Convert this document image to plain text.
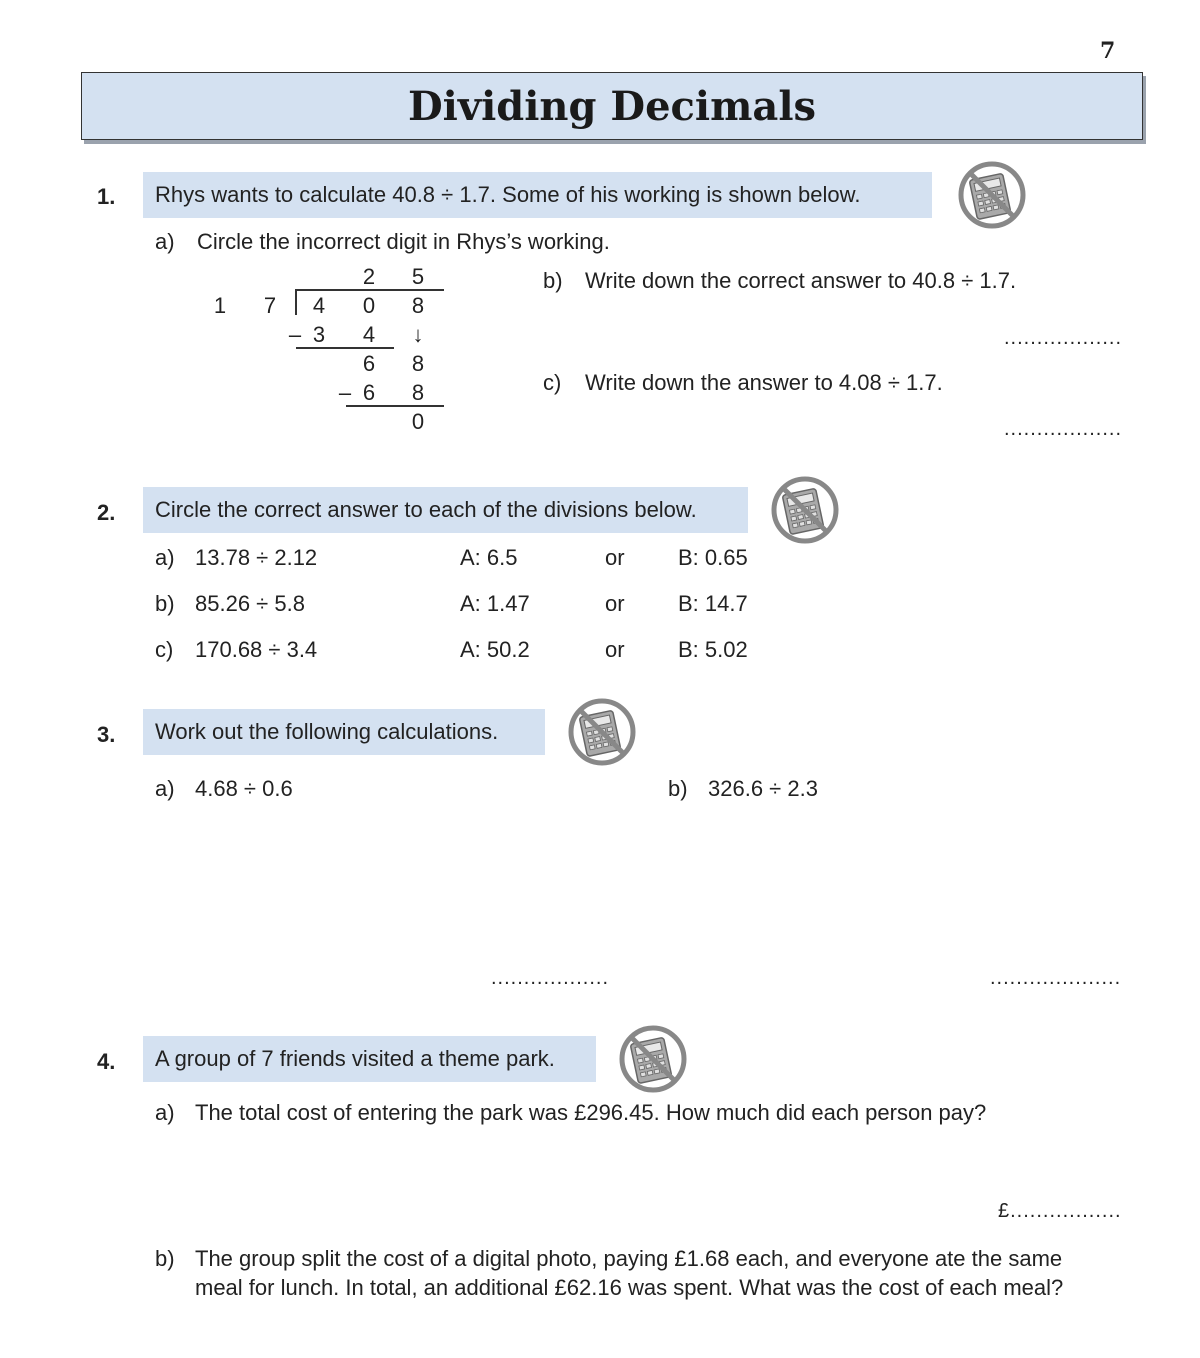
7
Dividing Decimals
1. Rhys wants to calculate 40.8 ÷ 1.7. Some of his working is shown below.
a) Circle the incorrect digit in Rhys’s working.
2 5
1 7 4 0 8
– 3 4 ↓
6 8
– 6 8
0
b) Write down the correct answer to 40.8 ÷ 1.7.
..................
c) Write down the answer to 4.08 ÷ 1.7.
..................
2. Circle the correct answer to each of the divisions below.
a) 13.78 ÷ 2.12	A: 6.5	or B: 0.65
b) 85.26 ÷ 5.8	A: 1.47	or B: 14.7
c) 170.68 ÷ 3.4	A: 50.2	or B: 5.02
3. Work out the following calculations.
a) 4.68 ÷ 0.6	b) 326.6 ÷ 2.3
..................	....................
4. A group of 7 friends visited a theme park.
a) The total cost of entering the park was £296.45. How much did each person pay?
£.................
b) The group split the cost of a digital photo, paying £1.68 each, and everyone ate the same
meal for lunch. In total, an additional £62.16 was spent. What was the cost of each meal?
